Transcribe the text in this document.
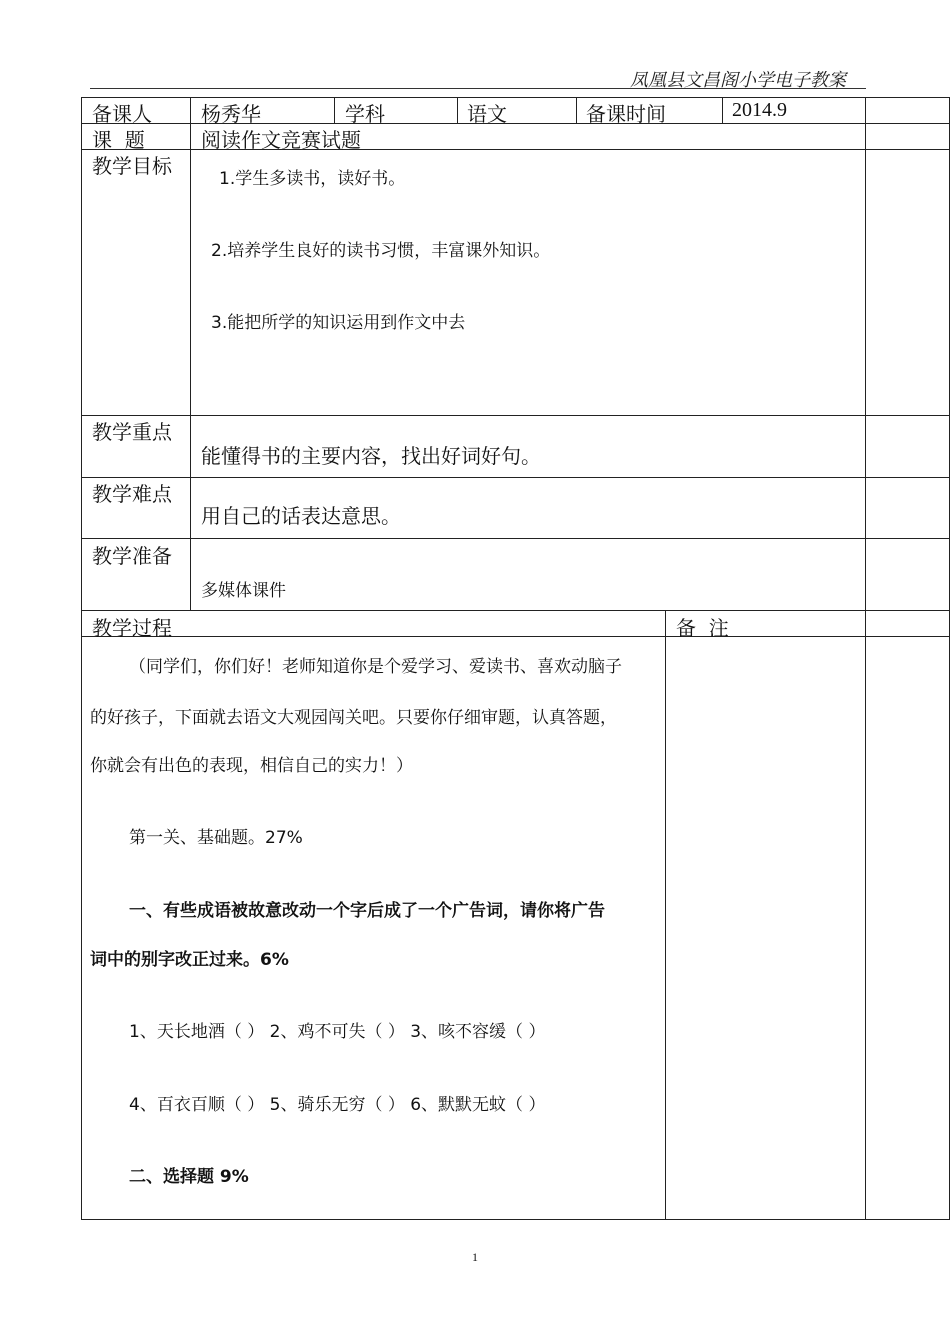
凤凰县文昌阁小学电子教案
备课人 杨秀华	学科	语文	备课时间	2014.9
课  题	阅读作文竞赛试题
教学目标
1.学生多读书，读好书。
2.培养学生良好的读书习惯，丰富课外知识。
3.能把所学的知识运用到作文中去
教学重点
能懂得书的主要内容，找出好词好句。
教学难点
用自己的话表达意思。
教学准备
多媒体课件
教学过程	备  注
（同学们，你们好！老师知道你是个爱学习、爱读书、喜欢动脑子
的好孩子，下面就去语文大观园闯关吧。只要你仔细审题，认真答题，
你就会有出色的表现，相信自己的实力！）
第一关、基础题。27%
一、有些成语被故意改动一个字后成了一个广告词，请你将广告
词中的别字改正过来。6%
1、天长地酒（ ） 2、鸡不可失（ ） 3、咳不容缓（ ）
4、百衣百顺（ ） 5、骑乐无穷（ ） 6、默默无蚊（ ）
二、选择题 9%
1
